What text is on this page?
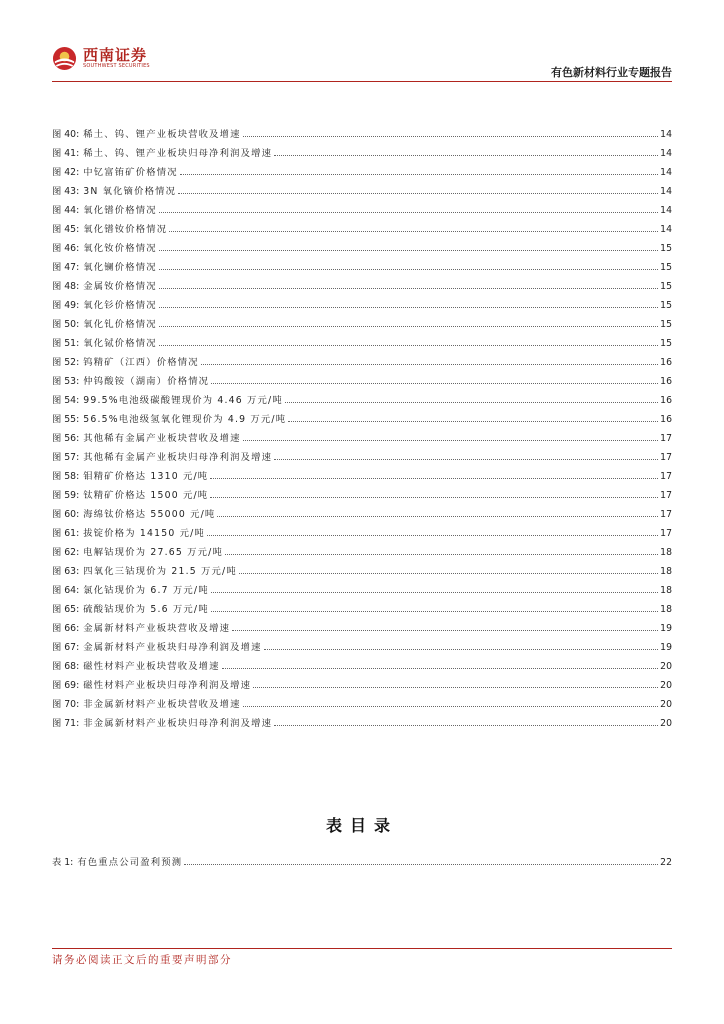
西南证券
SOUTHWEST SECURITIES	有色新材料行业专题报告
图 40: 稀土、钨、锂产业板块营收及增速	14
图 41: 稀土、钨、锂产业板块归母净利润及增速	14
图 42: 中钇富铕矿价格情况	14
图 43: 3N 氧化镝价格情况	14
图 44: 氧化镨价格情况	14
图 45: 氧化镨钕价格情况	14
图 46: 氧化钕价格情况	15
图 47: 氧化镧价格情况	15
图 48: 金属钕价格情况	15
图 49: 氧化钐价格情况	15
图 50: 氧化钆价格情况	15
图 51: 氧化铽价格情况	15
图 52: 钨精矿（江西）价格情况	16
图 53: 仲钨酸铵（湖南）价格情况	16
图 54: 99.5%电池级碳酸锂现价为 4.46 万元/吨	16
图 55: 56.5%电池级氢氧化锂现价为 4.9 万元/吨	16
图 56: 其他稀有金属产业板块营收及增速	17
图 57: 其他稀有金属产业板块归母净利润及增速	17
图 58: 钼精矿价格达 1310 元/吨	17
图 59: 钛精矿价格达 1500 元/吨	17
图 60: 海绵钛价格达 55000 元/吨	17
图 61: 拔锭价格为 14150 元/吨	17
图 62: 电解钴现价为 27.65 万元/吨	18
图 63: 四氧化三钴现价为 21.5 万元/吨	18
图 64: 氯化钴现价为 6.7 万元/吨	18
图 65: 硫酸钴现价为 5.6 万元/吨	18
图 66: 金属新材料产业板块营收及增速	19
图 67: 金属新材料产业板块归母净利润及增速	19
图 68: 磁性材料产业板块营收及增速	20
图 69: 磁性材料产业板块归母净利润及增速	20
图 70: 非金属新材料产业板块营收及增速	20
图 71: 非金属新材料产业板块归母净利润及增速	20
表目录
表 1: 有色重点公司盈利预测	22
请务必阅读正文后的重要声明部分
